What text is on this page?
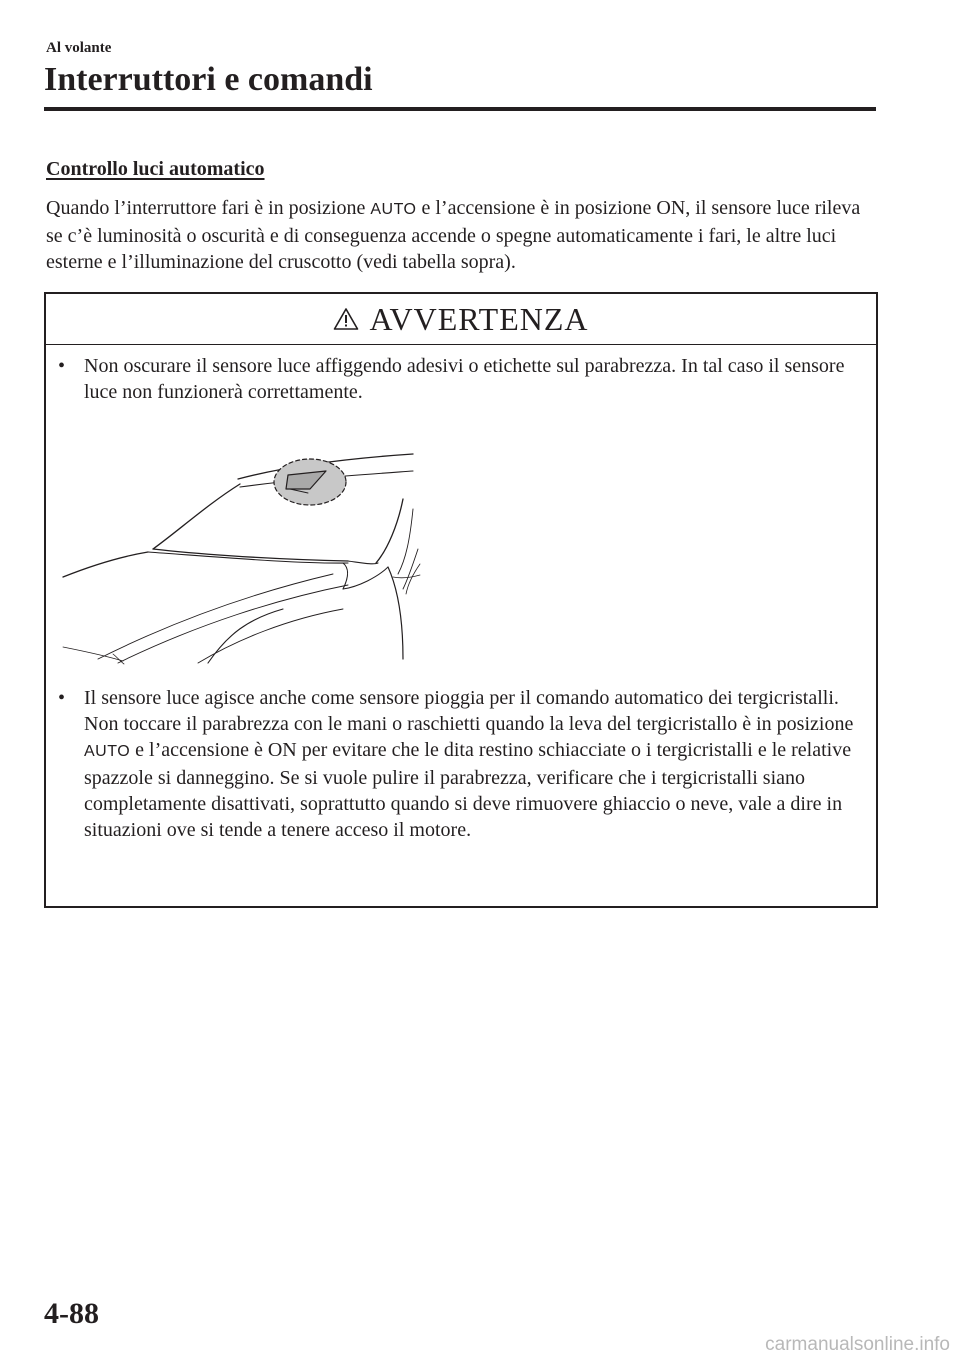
Al volante
Interruttori e comandi
Controllo luci automatico

Quando l’interruttore fari è in posizione AUTO e l’accensione è in posizione ON, il sensore luce rileva se c’è luminosità o oscurità e di conseguenza accende o spegne automaticamente i fari, le altre luci esterne e l’illuminazione del cruscotto (vedi tabella sopra).

AVVERTENZA
• Non oscurare il sensore luce affiggendo adesivi o etichette sul parabrezza. In tal caso il sensore luce non funzionerà correttamente.
• Il sensore luce agisce anche come sensore pioggia per il comando automatico dei tergicristalli. Non toccare il parabrezza con le mani o raschietti quando la leva del tergicristallo è in posizione AUTO e l’accensione è ON per evitare che le dita restino schiacciate o i tergicristalli e le relative spazzole si danneggino. Se si vuole pulire il parabrezza, verificare che i tergicristalli siano completamente disattivati, soprattutto quando si deve rimuovere ghiaccio o neve, vale a dire in situazioni ove si tende a tenere acceso il motore.
4-88
carmanualsonline.info
